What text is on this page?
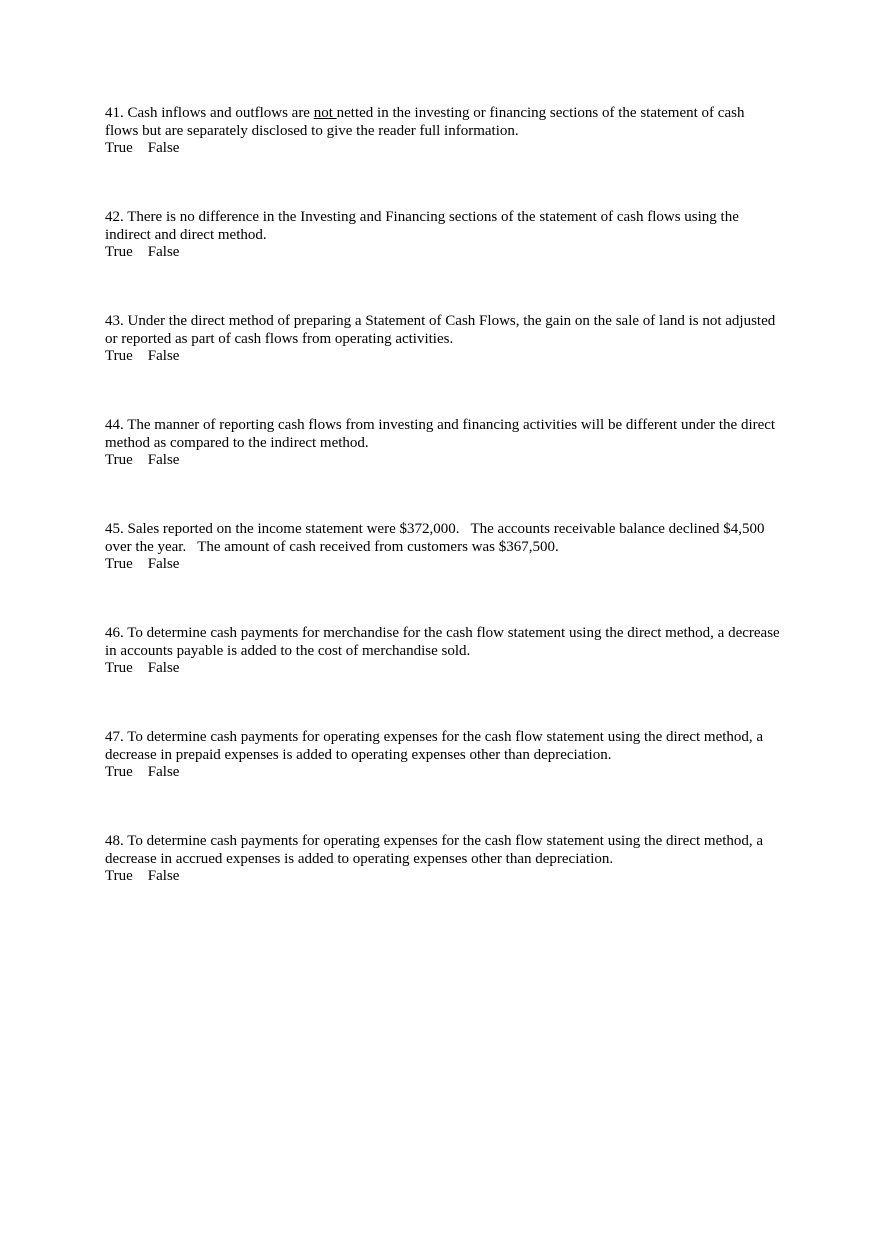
41. Cash inflows and outflows are not netted in the investing or financing sections of the statement of cash flows but are separately disclosed to give the reader full information.

True False

42. There is no difference in the Investing and Financing sections of the statement of cash flows using the indirect and direct method.

True False

43. Under the direct method of preparing a Statement of Cash Flows, the gain on the sale of land is not adjusted or reported as part of cash flows from operating activities.

True False

44. The manner of reporting cash flows from investing and financing activities will be different under the direct method as compared to the indirect method.

True False

45. Sales reported on the income statement were $372,000.   The accounts receivable balance declined $4,500 over the year.   The amount of cash received from customers was $367,500.

True False

46. To determine cash payments for merchandise for the cash flow statement using the direct method, a decrease in accounts payable is added to the cost of merchandise sold.

True False

47. To determine cash payments for operating expenses for the cash flow statement using the direct method, a decrease in prepaid expenses is added to operating expenses other than depreciation.

True False

48. To determine cash payments for operating expenses for the cash flow statement using the direct method, a decrease in accrued expenses is added to operating expenses other than depreciation.

True False
